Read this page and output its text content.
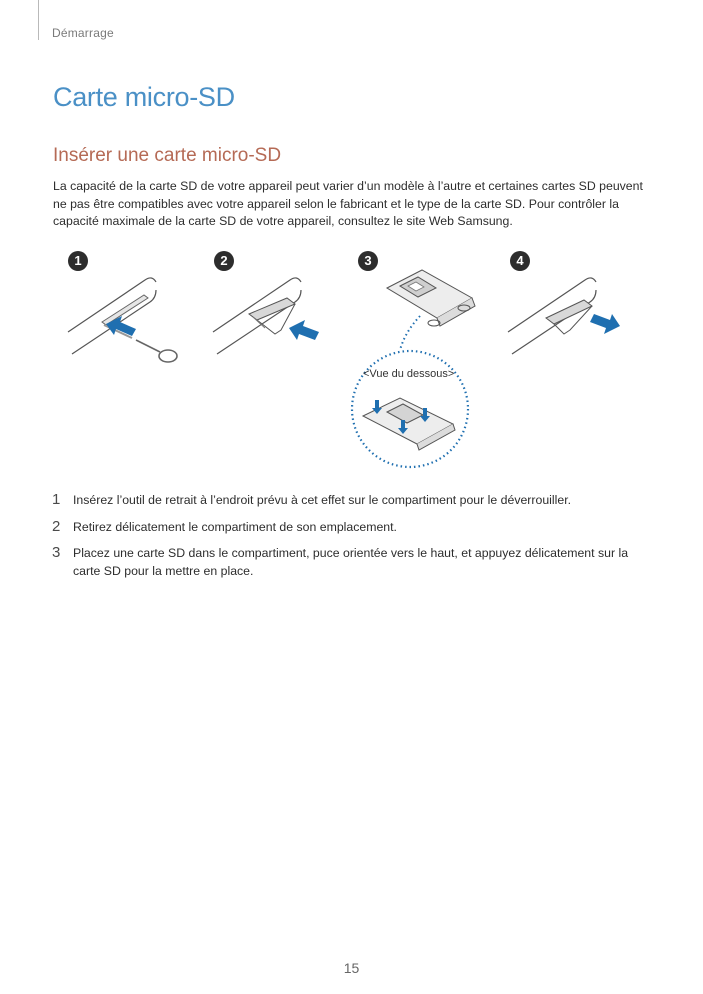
Démarrage
Carte micro-SD
Insérer une carte micro-SD

La capacité de la carte SD de votre appareil peut varier d’un modèle à l’autre et certaines cartes SD peuvent ne pas être compatibles avec votre appareil selon le fabricant et le type de la carte SD. Pour contrôler la capacité maximale de la carte SD de votre appareil, consultez le site Web Samsung.

1	2	3	4
<Vue du dessous>
1 Insérez l’outil de retrait à l’endroit prévu à cet effet sur le compartiment pour le déverrouiller.
2 Retirez délicatement le compartiment de son emplacement.
3 Placez une carte SD dans le compartiment, puce orientée vers le haut, et appuyez délicatement sur la carte SD pour la mettre en place.
15
